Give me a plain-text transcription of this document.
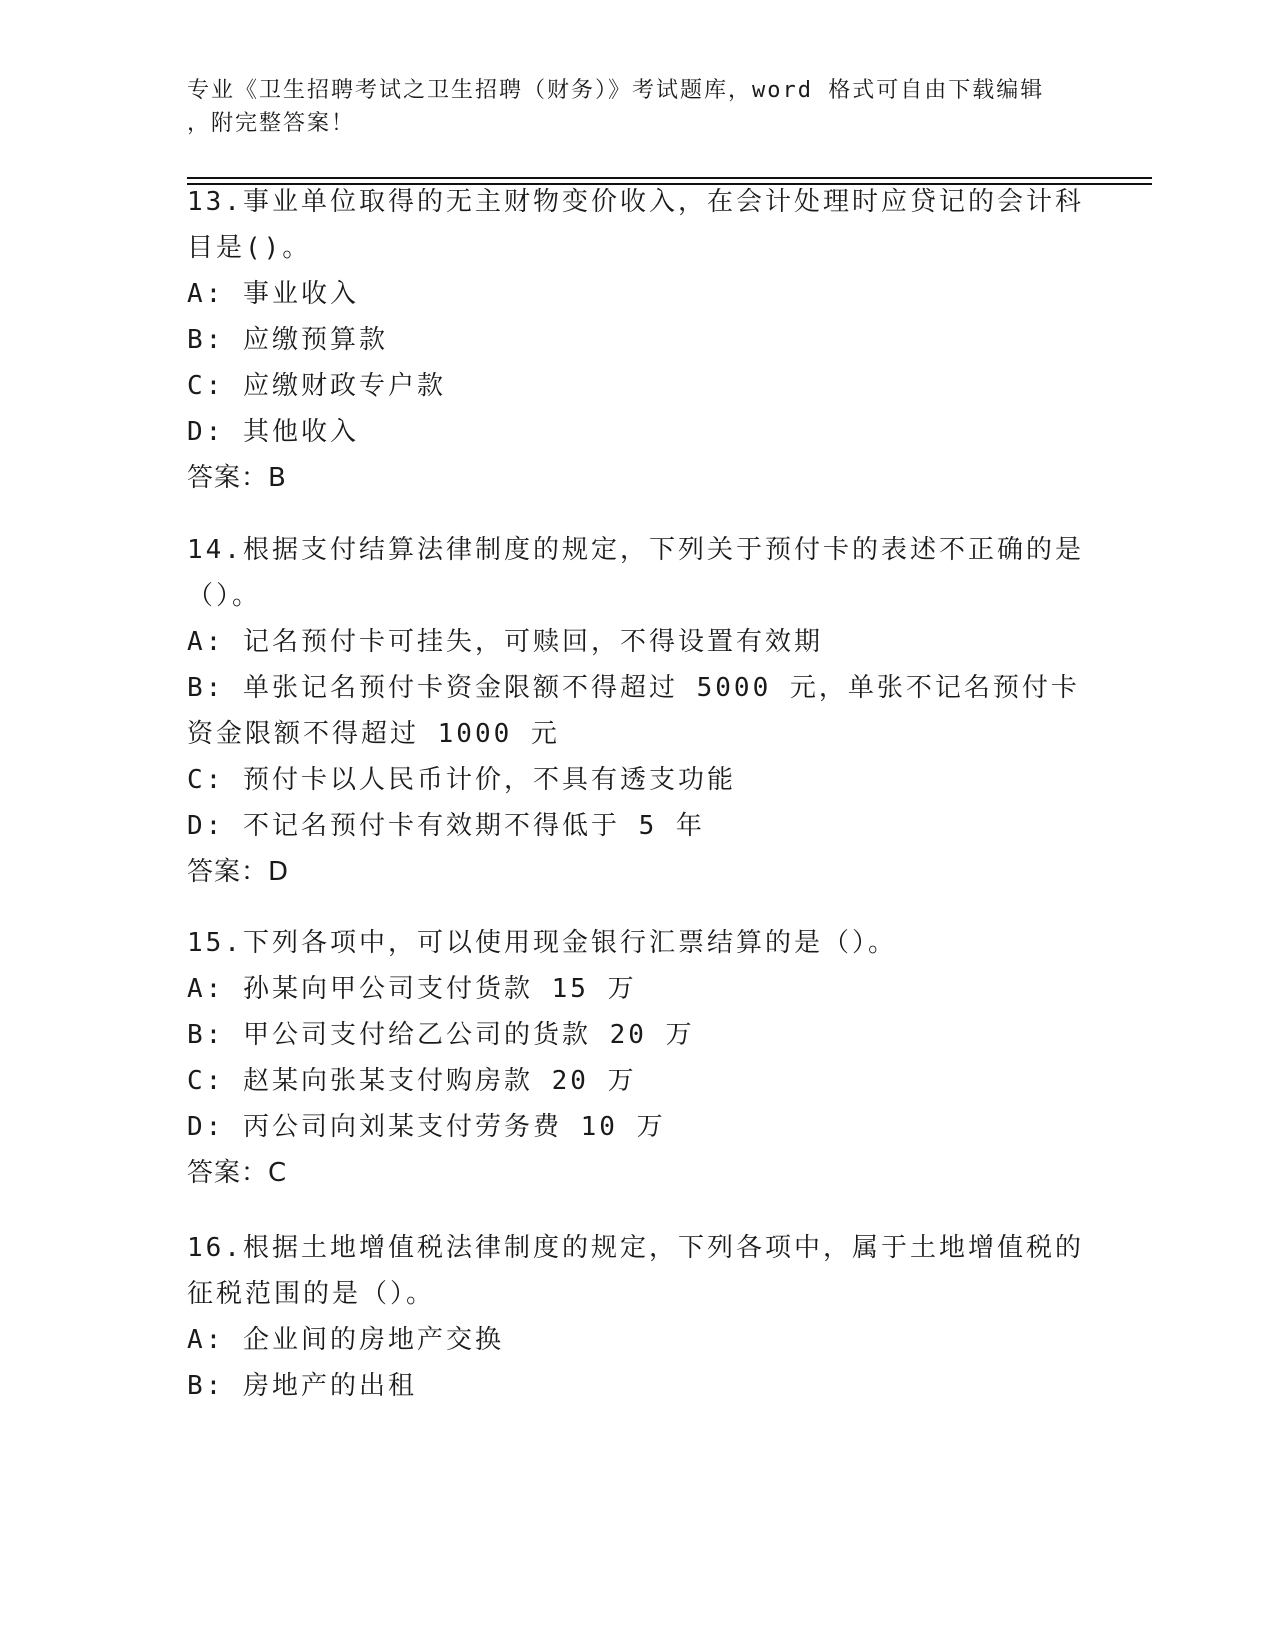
专业《卫生招聘考试之卫生招聘（财务）》考试题库，word 格式可自由下载编辑
，附完整答案！

13.事业单位取得的无主财物变价收入，在会计处理时应贷记的会计科目是()。

A: 事业收入

B: 应缴预算款

C: 应缴财政专户款

D: 其他收入

答案：B

14.根据支付结算法律制度的规定，下列关于预付卡的表述不正确的是（）。

A: 记名预付卡可挂失，可赎回，不得设置有效期

B: 单张记名预付卡资金限额不得超过 5000 元，单张不记名预付卡资金限额不得超过 1000 元

C: 预付卡以人民币计价，不具有透支功能

D: 不记名预付卡有效期不得低于 5 年

答案：D

15.下列各项中，可以使用现金银行汇票结算的是（）。

A: 孙某向甲公司支付货款 15 万

B: 甲公司支付给乙公司的货款 20 万

C: 赵某向张某支付购房款 20 万

D: 丙公司向刘某支付劳务费 10 万

答案：C

16.根据土地增值税法律制度的规定，下列各项中，属于土地增值税的征税范围的是（）。

A: 企业间的房地产交换

B: 房地产的出租
